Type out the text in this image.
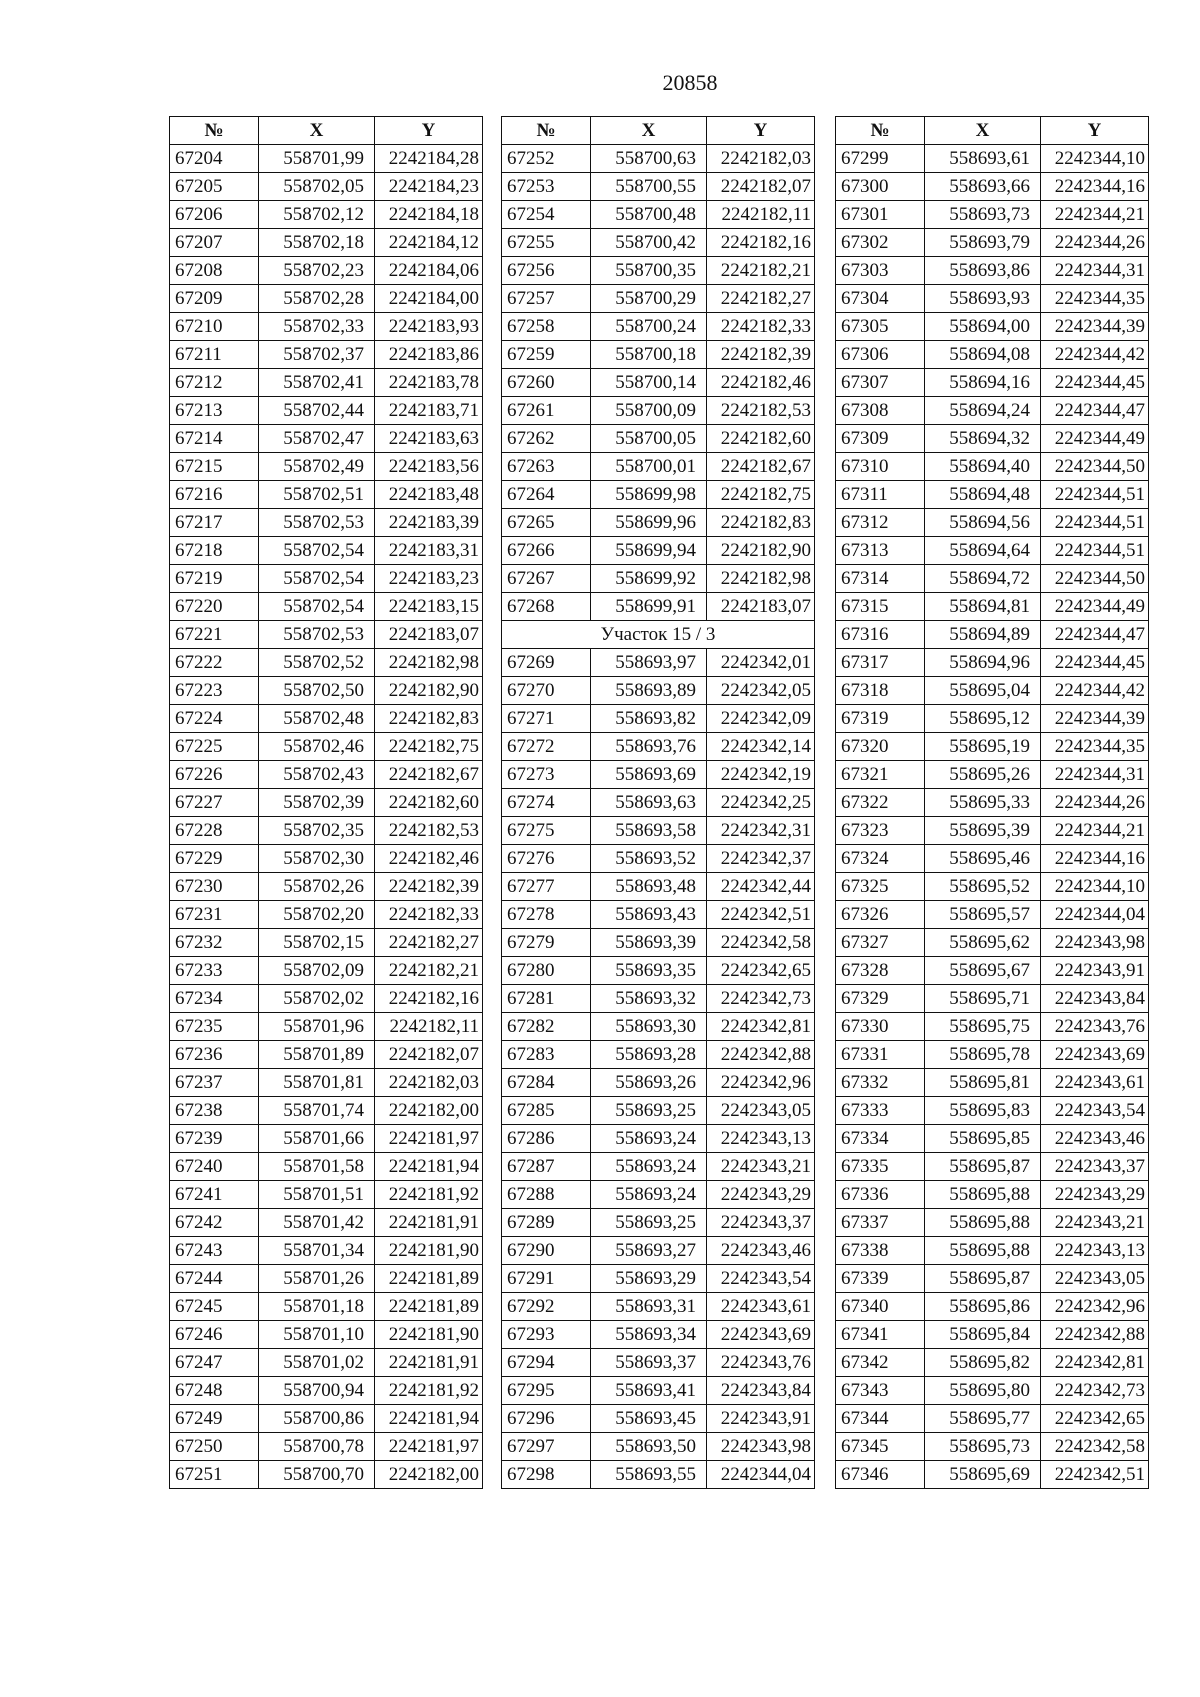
20858
№	X	Y
67204	558701,99	2242184,28
67205	558702,05	2242184,23
67206	558702,12	2242184,18
67207	558702,18	2242184,12
67208	558702,23	2242184,06
67209	558702,28	2242184,00
67210	558702,33	2242183,93
67211	558702,37	2242183,86
67212	558702,41	2242183,78
67213	558702,44	2242183,71
67214	558702,47	2242183,63
67215	558702,49	2242183,56
67216	558702,51	2242183,48
67217	558702,53	2242183,39
67218	558702,54	2242183,31
67219	558702,54	2242183,23
67220	558702,54	2242183,15
67221	558702,53	2242183,07
67222	558702,52	2242182,98
67223	558702,50	2242182,90
67224	558702,48	2242182,83
67225	558702,46	2242182,75
67226	558702,43	2242182,67
67227	558702,39	2242182,60
67228	558702,35	2242182,53
67229	558702,30	2242182,46
67230	558702,26	2242182,39
67231	558702,20	2242182,33
67232	558702,15	2242182,27
67233	558702,09	2242182,21
67234	558702,02	2242182,16
67235	558701,96	2242182,11
67236	558701,89	2242182,07
67237	558701,81	2242182,03
67238	558701,74	2242182,00
67239	558701,66	2242181,97
67240	558701,58	2242181,94
67241	558701,51	2242181,92
67242	558701,42	2242181,91
67243	558701,34	2242181,90
67244	558701,26	2242181,89
67245	558701,18	2242181,89
67246	558701,10	2242181,90
67247	558701,02	2242181,91
67248	558700,94	2242181,92
67249	558700,86	2242181,94
67250	558700,78	2242181,97
67251	558700,70	2242182,00
№	X	Y
67252	558700,63	2242182,03
67253	558700,55	2242182,07
67254	558700,48	2242182,11
67255	558700,42	2242182,16
67256	558700,35	2242182,21
67257	558700,29	2242182,27
67258	558700,24	2242182,33
67259	558700,18	2242182,39
67260	558700,14	2242182,46
67261	558700,09	2242182,53
67262	558700,05	2242182,60
67263	558700,01	2242182,67
67264	558699,98	2242182,75
67265	558699,96	2242182,83
67266	558699,94	2242182,90
67267	558699,92	2242182,98
67268	558699,91	2242183,07
Участок 15 / 3		
67269	558693,97	2242342,01
67270	558693,89	2242342,05
67271	558693,82	2242342,09
67272	558693,76	2242342,14
67273	558693,69	2242342,19
67274	558693,63	2242342,25
67275	558693,58	2242342,31
67276	558693,52	2242342,37
67277	558693,48	2242342,44
67278	558693,43	2242342,51
67279	558693,39	2242342,58
67280	558693,35	2242342,65
67281	558693,32	2242342,73
67282	558693,30	2242342,81
67283	558693,28	2242342,88
67284	558693,26	2242342,96
67285	558693,25	2242343,05
67286	558693,24	2242343,13
67287	558693,24	2242343,21
67288	558693,24	2242343,29
67289	558693,25	2242343,37
67290	558693,27	2242343,46
67291	558693,29	2242343,54
67292	558693,31	2242343,61
67293	558693,34	2242343,69
67294	558693,37	2242343,76
67295	558693,41	2242343,84
67296	558693,45	2242343,91
67297	558693,50	2242343,98
67298	558693,55	2242344,04
№	X	Y
67299	558693,61	2242344,10
67300	558693,66	2242344,16
67301	558693,73	2242344,21
67302	558693,79	2242344,26
67303	558693,86	2242344,31
67304	558693,93	2242344,35
67305	558694,00	2242344,39
67306	558694,08	2242344,42
67307	558694,16	2242344,45
67308	558694,24	2242344,47
67309	558694,32	2242344,49
67310	558694,40	2242344,50
67311	558694,48	2242344,51
67312	558694,56	2242344,51
67313	558694,64	2242344,51
67314	558694,72	2242344,50
67315	558694,81	2242344,49
67316	558694,89	2242344,47
67317	558694,96	2242344,45
67318	558695,04	2242344,42
67319	558695,12	2242344,39
67320	558695,19	2242344,35
67321	558695,26	2242344,31
67322	558695,33	2242344,26
67323	558695,39	2242344,21
67324	558695,46	2242344,16
67325	558695,52	2242344,10
67326	558695,57	2242344,04
67327	558695,62	2242343,98
67328	558695,67	2242343,91
67329	558695,71	2242343,84
67330	558695,75	2242343,76
67331	558695,78	2242343,69
67332	558695,81	2242343,61
67333	558695,83	2242343,54
67334	558695,85	2242343,46
67335	558695,87	2242343,37
67336	558695,88	2242343,29
67337	558695,88	2242343,21
67338	558695,88	2242343,13
67339	558695,87	2242343,05
67340	558695,86	2242342,96
67341	558695,84	2242342,88
67342	558695,82	2242342,81
67343	558695,80	2242342,73
67344	558695,77	2242342,65
67345	558695,73	2242342,58
67346	558695,69	2242342,51
